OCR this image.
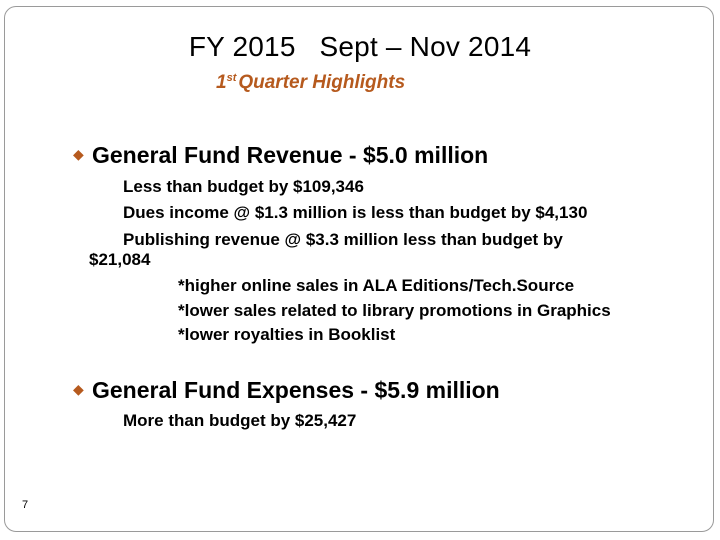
FY 2015   Sept – Nov 2014
1st Quarter Highlights
◆ General Fund Revenue - $5.0 million
Less than budget by $109,346
Dues income @ $1.3 million is less than budget by $4,130
Publishing revenue @ $3.3 million less than budget by
$21,084
*higher online sales in ALA Editions/Tech.Source
*lower sales related to library promotions in Graphics
*lower royalties in Booklist
◆ General Fund Expenses - $5.9 million
More than budget by $25,427
7
